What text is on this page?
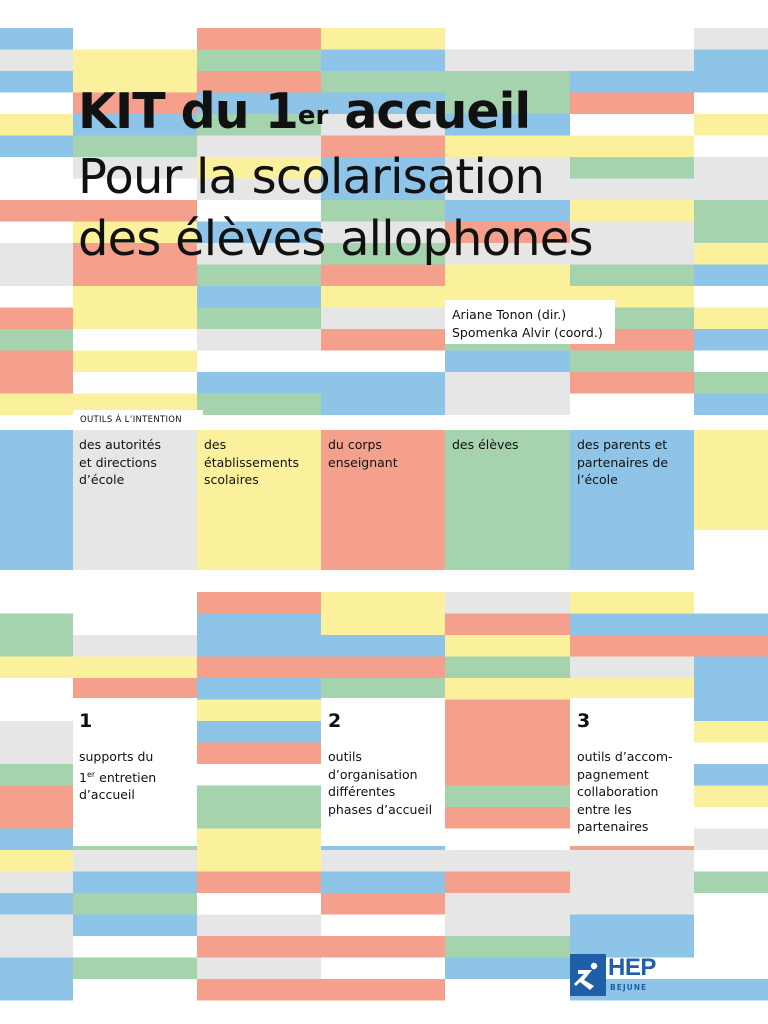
KIT du 1er accueil
Pour la scolarisation
des élèves allophones
Ariane Tonon (dir.)
Spomenka Alvir (coord.)
OUTILS À L’INTENTION
des autorités
et directions
d’école
des
établissements
scolaires
du corps
enseignant
des élèves	des parents et
partenaires de
l’école
1
supports du
1er entretien
d’accueil
2
outils
d’organisation
différentes
phases d’accueil
3
outils d’accom-
pagnement
collaboration
entre les
partenaires
HEP
BEJUNE
